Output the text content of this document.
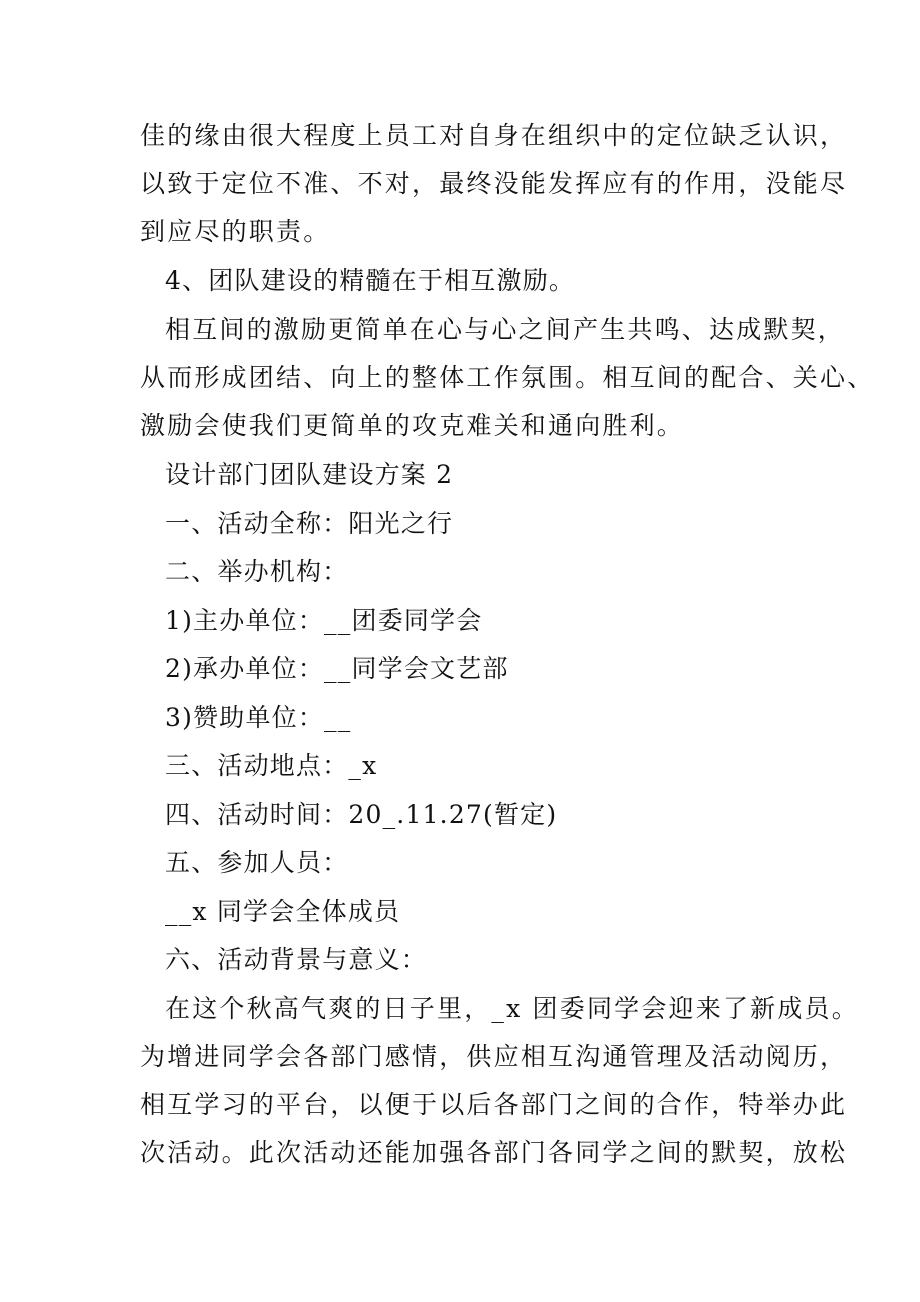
佳的缘由很大程度上员工对自身在组织中的定位缺乏认识，
以致于定位不准、不对，最终没能发挥应有的作用，没能尽
到应尽的职责。
4、团队建设的精髓在于相互激励。
相互间的激励更简单在心与心之间产生共鸣、达成默契，
从而形成团结、向上的整体工作氛围。相互间的配合、关心、
激励会使我们更简单的攻克难关和通向胜利。
设计部门团队建设方案 2
一、活动全称：阳光之行
二、举办机构：
1)主办单位：__团委同学会
2)承办单位：__同学会文艺部
3)赞助单位：__
三、活动地点：_x
四、活动时间：20_.11.27(暂定)
五、参加人员：
__x 同学会全体成员
六、活动背景与意义：
在这个秋高气爽的日子里，_x 团委同学会迎来了新成员。
为增进同学会各部门感情，供应相互沟通管理及活动阅历，
相互学习的平台，以便于以后各部门之间的合作，特举办此
次活动。此次活动还能加强各部门各同学之间的默契，放松
